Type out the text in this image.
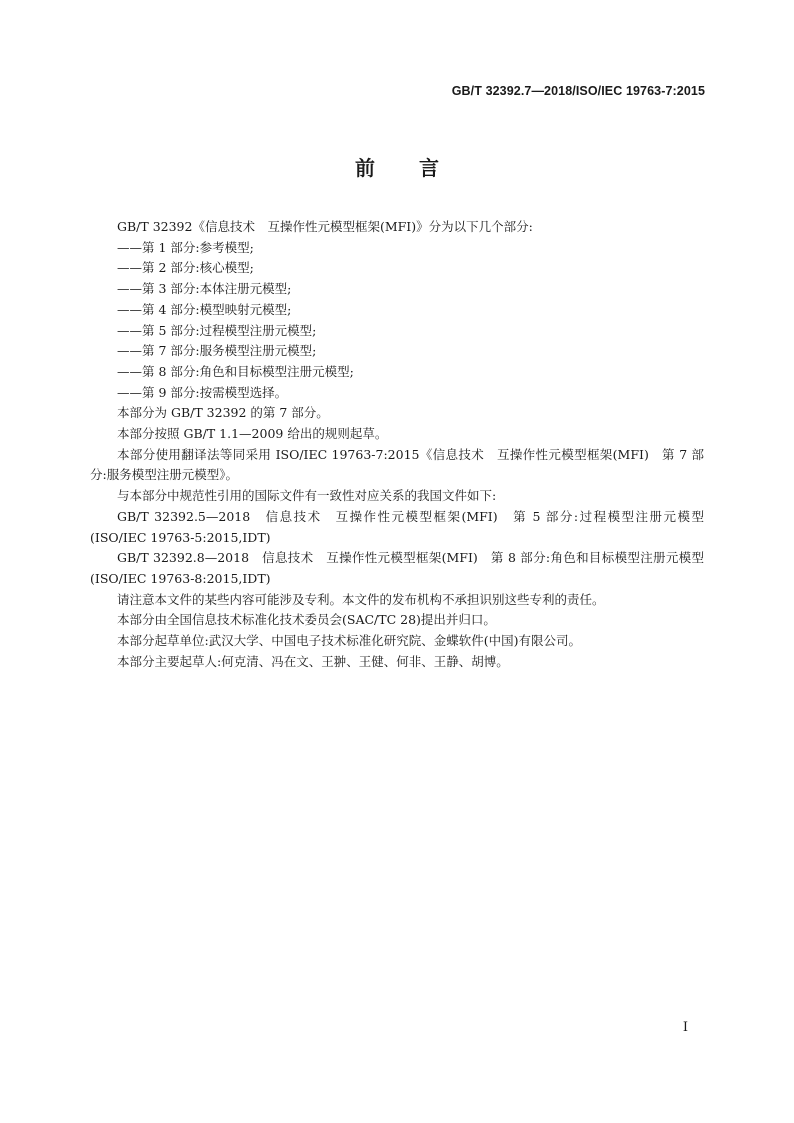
GB/T 32392.7—2018/ISO/IEC 19763-7:2015
前言

GB/T 32392《信息技术　互操作性元模型框架(MFI)》分为以下几个部分:

——第 1 部分:参考模型;

——第 2 部分:核心模型;

——第 3 部分:本体注册元模型;

——第 4 部分:模型映射元模型;

——第 5 部分:过程模型注册元模型;

——第 7 部分:服务模型注册元模型;

——第 8 部分:角色和目标模型注册元模型;

——第 9 部分:按需模型选择。

本部分为 GB/T 32392 的第 7 部分。

本部分按照 GB/T 1.1—2009 给出的规则起草。

本部分使用翻译法等同采用 ISO/IEC 19763-7:2015《信息技术　互操作性元模型框架(MFI)　第 7 部分:服务模型注册元模型》。

与本部分中规范性引用的国际文件有一致性对应关系的我国文件如下:

GB/T 32392.5—2018　信息技术　互操作性元模型框架(MFI)　第 5 部分:过程模型注册元模型(ISO/IEC 19763-5:2015,IDT)

GB/T 32392.8—2018　信息技术　互操作性元模型框架(MFI)　第 8 部分:角色和目标模型注册元模型(ISO/IEC 19763-8:2015,IDT)

请注意本文件的某些内容可能涉及专利。本文件的发布机构不承担识别这些专利的责任。

本部分由全国信息技术标准化技术委员会(SAC/TC 28)提出并归口。

本部分起草单位:武汉大学、中国电子技术标准化研究院、金蝶软件(中国)有限公司。

本部分主要起草人:何克清、冯在文、王翀、王健、何非、王静、胡博。

I
